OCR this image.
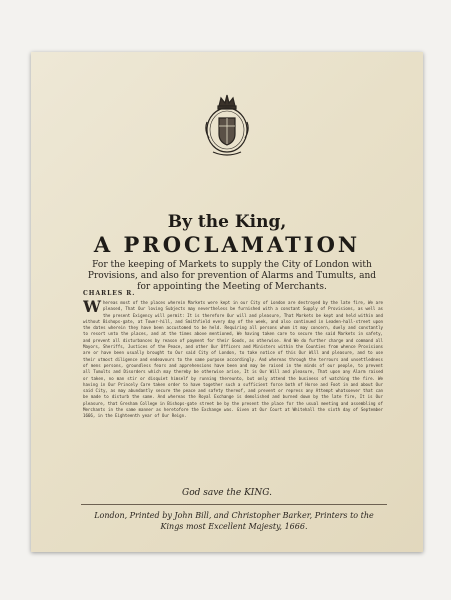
By the King,
A PROCLAMATION
For the keeping of Markets to supply the City of London with Provisions, and also for prevention of Alarms and Tumults, and for appointing the Meeting of Merchants.
CHARLES R.
Whereas most of the places wherein Markets were kept in our City of London are destroyed by the late fire, We are pleased, That Our loving Subjects may nevertheless be furnished with a constant Supply of Provisions, as well as the present Exigency will permit: It is therefore Our will and pleasure, That Markets be kept and held within and without Bishops-gate, at Tower-hill, and Smithfield every day of the week, and also continued in Leaden-hall-street upon the dates wherein they have been accustomed to be held. Requiring all persons whom it may concern, duely and constantly to resort unto the places, and at the times above mentioned, We having taken care to secure the said Markets in safety, and prevent all disturbances by reason of payment for their Goods, as otherwise. And We do further charge and command all Mayors, Sheriffs, Justices of the Peace, and other Our Officers and Ministers within the Counties from whence Provisions are or have been usually brought to Our said City of London, to take notice of this Our Will and pleasure, and to use their utmost diligence and endeavours to the same purpose accordingly. And whereas through the terrours and unsettledness of mens persons, groundless fears and apprehensions have been and may be raised in the minds of our people, to prevent all Tumults and Disorders which may thereby be otherwise arise, It is Our Will and pleasure, That upon any Alarm raised or taken, no man stir or disquiet himself by running thereunto, but only attend the business of watching the fire. We having in Our Princely Care taken order to have together such a sufficient force both of Horse and Foot in and about Our said City, as may abundantly secure the peace and safety thereof, and prevent or repress any Attempt whatsoever that can be made to disturb the same. And whereas the Royal Exchange is demolished and burned down by the late fire, It is Our pleasure, that Gresham College in Bishops-gate street be by the present the place for the usual meeting and assembling of Merchants in the same manner as heretofore the Exchange was. Given at Our Court at Whitehall the sixth day of September 1666, in the Eighteenth year of Our Reign.
God save the KING.
London, Printed by John Bill, and Christopher Barker, Printers to the Kings most Excellent Majesty, 1666.
